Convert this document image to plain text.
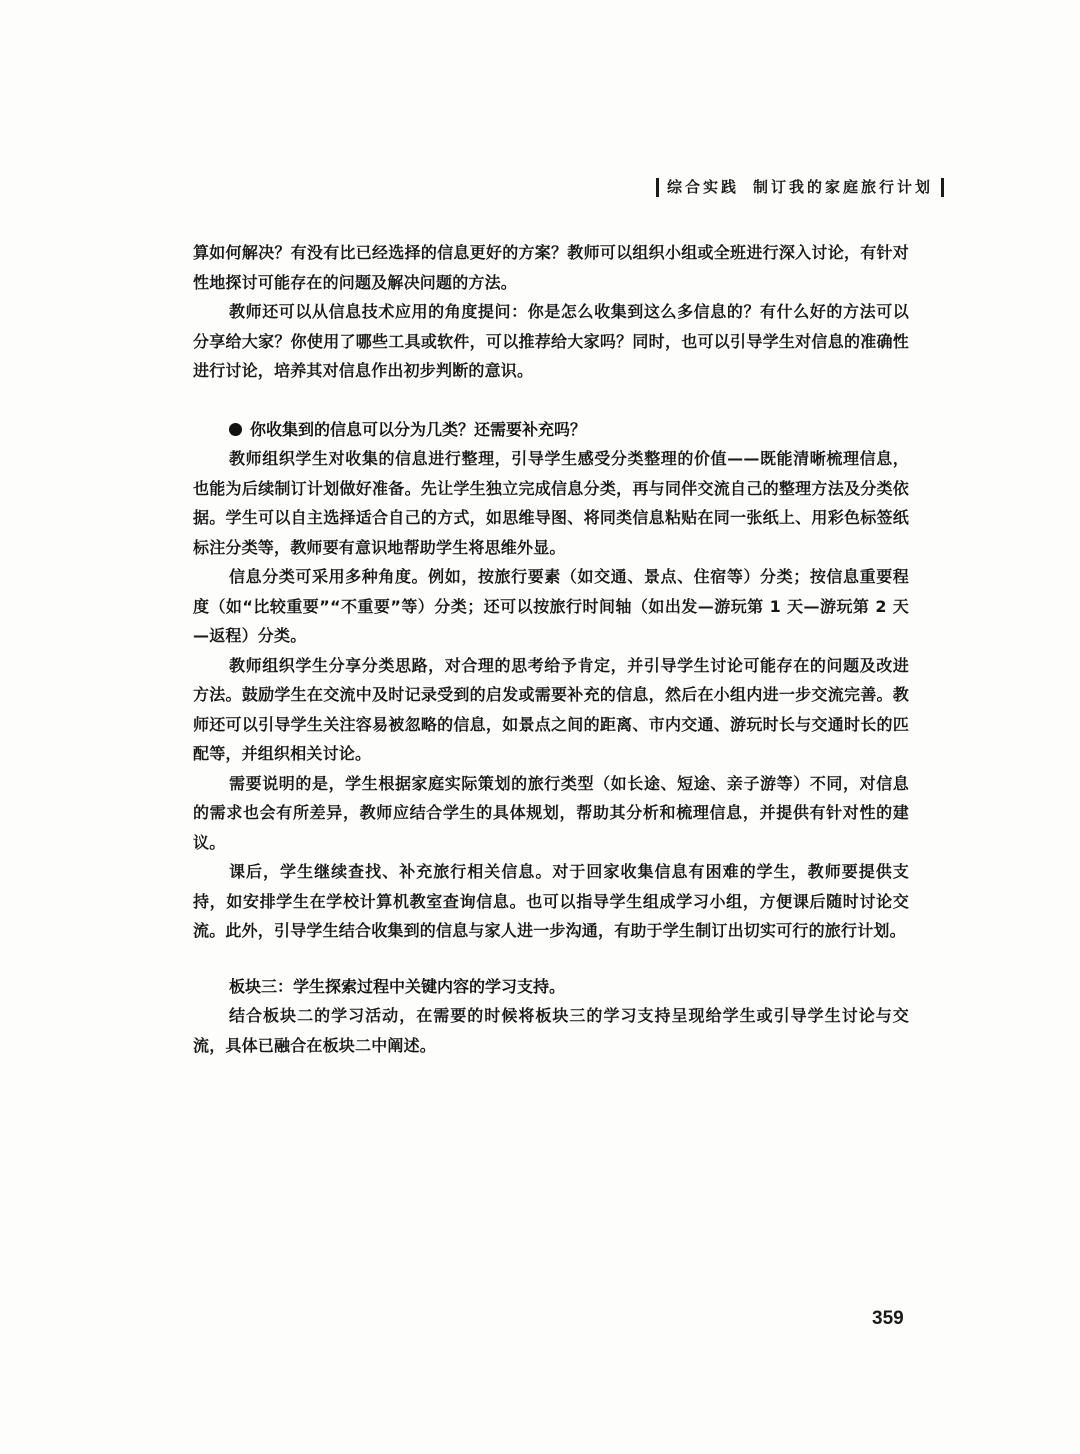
综合实践 制订我的家庭旅行计划

算如何解决？有没有比已经选择的信息更好的方案？教师可以组织小组或全班进行深入讨论，有针对性地探讨可能存在的问题及解决问题的方法。

教师还可以从信息技术应用的角度提问：你是怎么收集到这么多信息的？有什么好的方法可以分享给大家？你使用了哪些工具或软件，可以推荐给大家吗？同时，也可以引导学生对信息的准确性进行讨论，培养其对信息作出初步判断的意识。

你收集到的信息可以分为几类？还需要补充吗？

教师组织学生对收集的信息进行整理，引导学生感受分类整理的价值——既能清晰梳理信息，也能为后续制订计划做好准备。先让学生独立完成信息分类，再与同伴交流自己的整理方法及分类依据。学生可以自主选择适合自己的方式，如思维导图、将同类信息粘贴在同一张纸上、用彩色标签纸标注分类等，教师要有意识地帮助学生将思维外显。

信息分类可采用多种角度。例如，按旅行要素（如交通、景点、住宿等）分类；按信息重要程度（如“比较重要”“不重要”等）分类；还可以按旅行时间轴（如出发—游玩第 1 天—游玩第 2 天—返程）分类。

教师组织学生分享分类思路，对合理的思考给予肯定，并引导学生讨论可能存在的问题及改进方法。鼓励学生在交流中及时记录受到的启发或需要补充的信息，然后在小组内进一步交流完善。教师还可以引导学生关注容易被忽略的信息，如景点之间的距离、市内交通、游玩时长与交通时长的匹配等，并组织相关讨论。

需要说明的是，学生根据家庭实际策划的旅行类型（如长途、短途、亲子游等）不同，对信息的需求也会有所差异，教师应结合学生的具体规划，帮助其分析和梳理信息，并提供有针对性的建议。

课后，学生继续查找、补充旅行相关信息。对于回家收集信息有困难的学生，教师要提供支持，如安排学生在学校计算机教室查询信息。也可以指导学生组成学习小组，方便课后随时讨论交流。此外，引导学生结合收集到的信息与家人进一步沟通，有助于学生制订出切实可行的旅行计划。

板块三：学生探索过程中关键内容的学习支持。

结合板块二的学习活动，在需要的时候将板块三的学习支持呈现给学生或引导学生讨论与交流，具体已融合在板块二中阐述。

359
